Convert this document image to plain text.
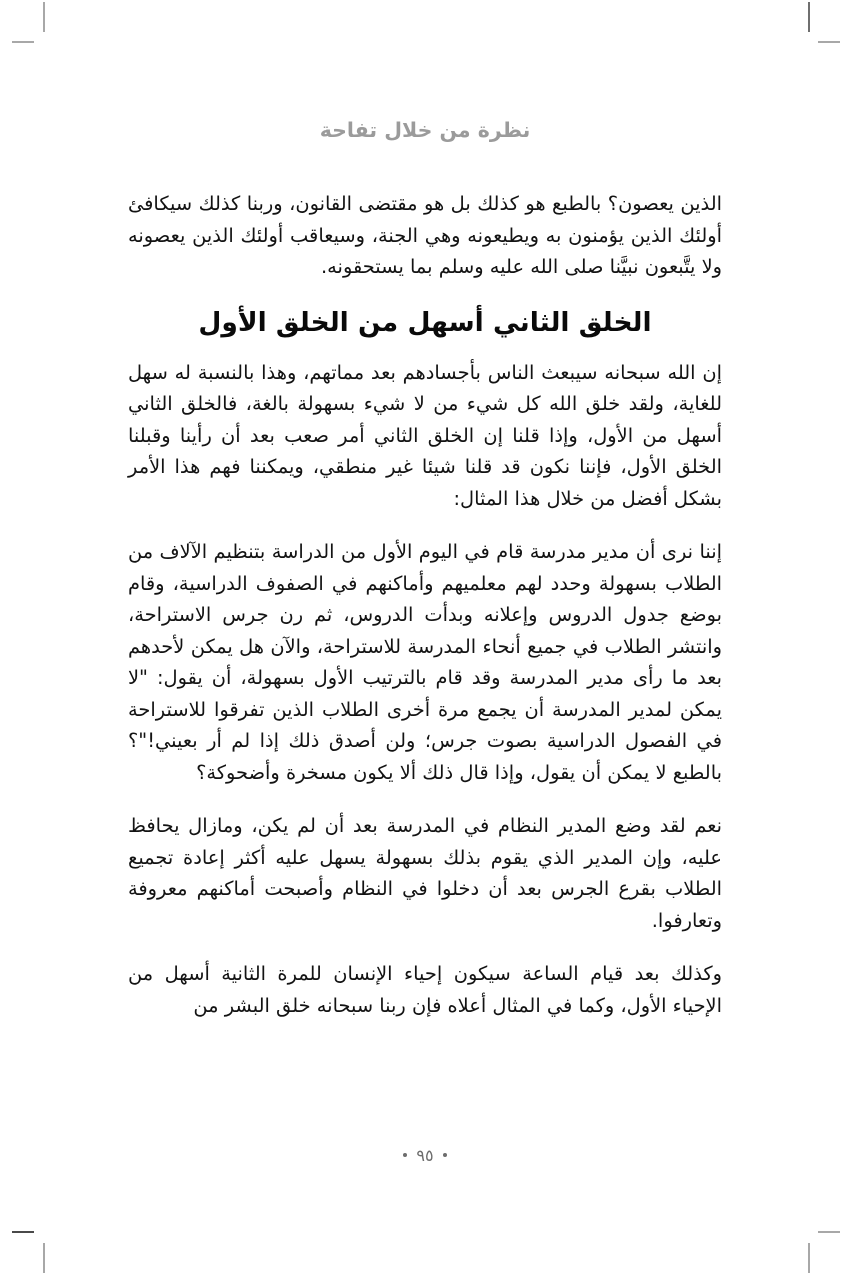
نظرة من خلال تفاحة

الذين يعصون؟ بالطبع هو كذلك بل هو مقتضى القانون، وربنا كذلك سيكافئ أولئك الذين يؤمنون به ويطيعونه وهي الجنة، وسيعاقب أولئك الذين يعصونه ولا يتَّبعون نبيَّنا صلى الله عليه وسلم بما يستحقونه.

الخلق الثاني أسهل من الخلق الأول

إن الله سبحانه سيبعث الناس بأجسادهم بعد مماتهم، وهذا بالنسبة له سهل للغاية، ولقد خلق الله كل شيء من لا شيء بسهولة بالغة، فالخلق الثاني أسهل من الأول، وإذا قلنا إن الخلق الثاني أمر صعب بعد أن رأينا وقبلنا الخلق الأول، فإننا نكون قد قلنا شيئا غير منطقي، ويمكننا فهم هذا الأمر بشكل أفضل من خلال هذا المثال:

إننا نرى أن مدير مدرسة قام في اليوم الأول من الدراسة بتنظيم الآلاف من الطلاب بسهولة وحدد لهم معلميهم وأماكنهم في الصفوف الدراسية، وقام بوضع جدول الدروس وإعلانه وبدأت الدروس، ثم رن جرس الاستراحة، وانتشر الطلاب في جميع أنحاء المدرسة للاستراحة، والآن هل يمكن لأحدهم بعد ما رأى مدير المدرسة وقد قام بالترتيب الأول بسهولة، أن يقول: "لا يمكن لمدير المدرسة أن يجمع مرة أخرى الطلاب الذين تفرقوا للاستراحة في الفصول الدراسية بصوت جرس؛ ولن أصدق ذلك إذا لم أر بعيني!"؟ بالطبع لا يمكن أن يقول، وإذا قال ذلك ألا يكون مسخرة وأضحوكة؟

نعم لقد وضع المدير النظام في المدرسة بعد أن لم يكن، ومازال يحافظ عليه، وإن المدير الذي يقوم بذلك بسهولة يسهل عليه أكثر إعادة تجميع الطلاب بقرع الجرس بعد أن دخلوا في النظام وأصبحت أماكنهم معروفة وتعارفوا.

وكذلك بعد قيام الساعة سيكون إحياء الإنسان للمرة الثانية أسهل من الإحياء الأول، وكما في المثال أعلاه فإن ربنا سبحانه خلق البشر من

٩٥
